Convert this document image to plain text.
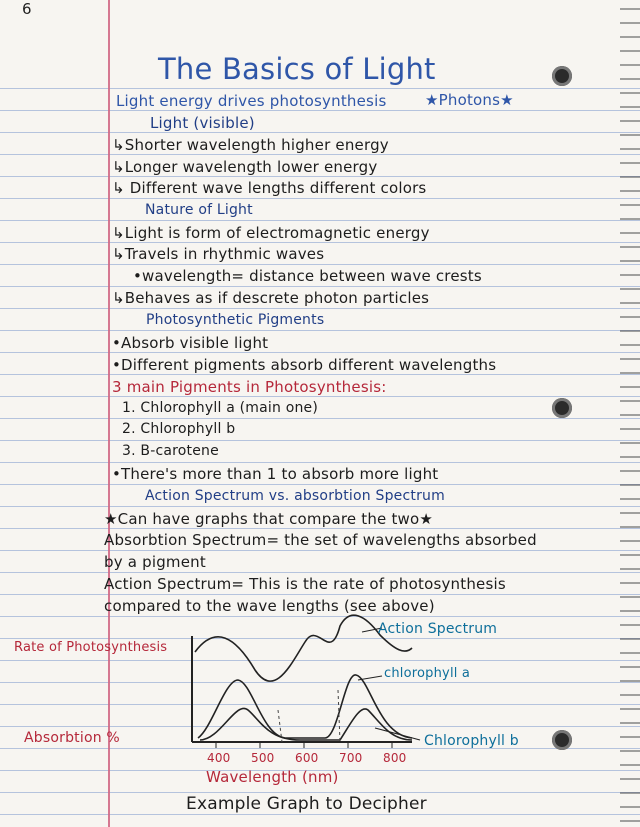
6
The Basics of Light
Light energy drives photosynthesis	★Photons★
Light (visible)
↳Shorter wavelength higher energy
↳Longer wavelength lower energy
↳ Different wave lengths different colors
Nature of Light
↳Light is form of electromagnetic energy
↳Travels in rhythmic waves
•wavelength= distance between wave crests
↳Behaves as if descrete photon particles
Photosynthetic Pigments
•Absorb visible light
•Different pigments absorb different wavelengths
3 main Pigments in Photosynthesis:
1. Chlorophyll a (main one)
2. Chlorophyll b
3. B-carotene
•There's more than 1 to absorb more light
Action Spectrum vs. absorbtion Spectrum
★Can have graphs that compare the two★
Absorbtion Spectrum= the set of wavelengths absorbed
by a pigment
Action Spectrum= This is the rate of photosynthesis
compared to the wave lengths (see above)
Rate of Photosynthesis
Absorbtion %
Action Spectrum
chlorophyll a
Chlorophyll b
400 500 600 700 800
Wavelength (nm)
Example Graph to Decipher
